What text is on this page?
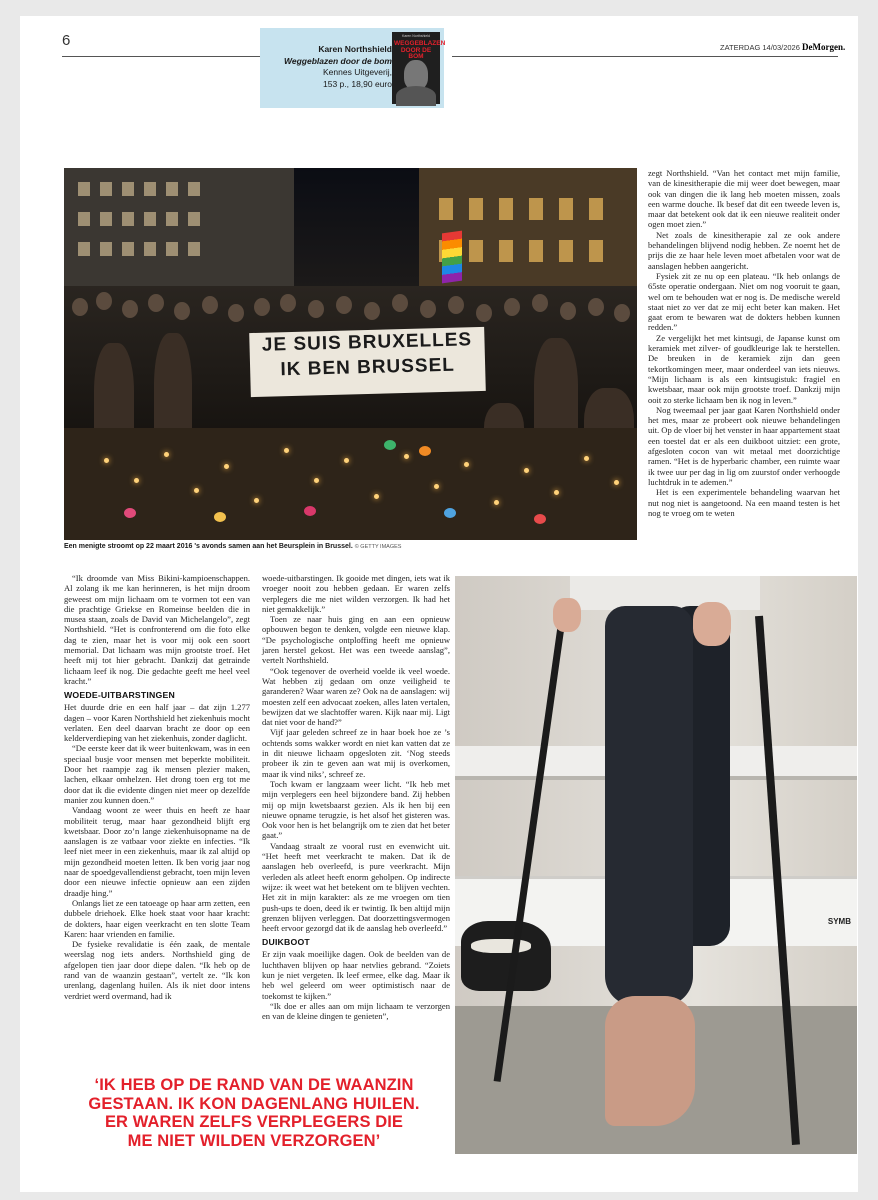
6	ZATERDAG 14/03/2026 DeMorgen.
Karen Northshield
Weggeblazen door de bom
Kennes Uitgeverij,
153 p., 18,90 euro
Karen Northshield
WEGGEBLAZEN DOOR DE BOM
JE SUIS BRUXELLES
IK BEN BRUSSEL
Een menigte stroomt op 22 maart 2016 's avonds samen aan het Beursplein in Brussel. © GETTY IMAGES

zegt Northshield. “Van het contact met mijn familie, van de kinesitherapie die mij weer doet bewegen, maar ook van dingen die ik lang heb moeten missen, zoals een warme douche. Ik besef dat dit een tweede leven is, maar dat betekent ook dat ik een nieuwe realiteit onder ogen moet zien.”

Net zoals de kinesitherapie zal ze ook andere behandelingen blijvend nodig hebben. Ze noemt het de prijs die ze haar hele leven moet afbetalen voor wat de aanslagen hebben aangericht.

Fysiek zit ze nu op een plateau. “Ik heb onlangs de 65ste operatie ondergaan. Niet om nog vooruit te gaan, wel om te behouden wat er nog is. De medische wereld staat niet zo ver dat ze mij echt beter kan maken. Het gaat erom te bewaren wat de dokters hebben kunnen redden.”

Ze vergelijkt het met kintsugi, de Japanse kunst om keramiek met zilver- of goudkleurige lak te herstellen. De breuken in de keramiek zijn dan geen tekortkomingen meer, maar onderdeel van iets nieuws. “Mijn lichaam is als een kintsugistuk: fragiel en kwetsbaar, maar ook mijn grootste troef. Dankzij mijn ooit zo sterke lichaam ben ik nog in leven.”

Nog tweemaal per jaar gaat Karen Northshield onder het mes, maar ze probeert ook nieuwe behandelingen uit. Op de vloer bij het venster in haar appartement staat een toestel dat er als een duikboot uitziet: een grote, afgesloten cocon van wit metaal met doorzichtige ramen. “Het is de hyperbaric chamber, een ruimte waar ik twee uur per dag in lig om zuurstof onder verhoogde luchtdruk in te ademen.”

Het is een experimentele behandeling waarvan het nut nog niet is aangetoond. Na een maand testen is het nog te vroeg om te weten

“Ik droomde van Miss Bikini-kampioenschappen. Al zolang ik me kan herinneren, is het mijn droom geweest om mijn lichaam om te vormen tot een van die prachtige Griekse en Romeinse beelden die in musea staan, zoals de David van Michelangelo”, zegt Northshield. “Het is confronterend om die foto elke dag te zien, maar het is voor mij ook een soort memorial. Dat lichaam was mijn grootste troef. Het heeft mij tot hier gebracht. Dankzij dat getrainde lichaam leef ik nog. Die gedachte geeft me heel veel kracht.”

WOEDE-UITBARSTINGEN

Het duurde drie en een half jaar – dat zijn 1.277 dagen – voor Karen Northshield het ziekenhuis mocht verlaten. Een deel daarvan bracht ze door op een kelderverdieping van het ziekenhuis, zonder daglicht.

“De eerste keer dat ik weer buitenkwam, was in een speciaal busje voor mensen met beperkte mobiliteit. Door het raampje zag ik mensen plezier maken, lachen, elkaar omhelzen. Het drong toen erg tot me door dat ik die evidente dingen niet meer op dezelfde manier zou kunnen doen.”

Vandaag woont ze weer thuis en heeft ze haar mobiliteit terug, maar haar gezondheid blijft erg kwetsbaar. Door zo’n lange ziekenhuisopname na de aanslagen is ze vatbaar voor ziekte en infecties. “Ik leef niet meer in een ziekenhuis, maar ik zal altijd op mijn gezondheid moeten letten. Ik ben vorig jaar nog naar de spoedgevallendienst gebracht, toen mijn leven door een nieuwe infectie opnieuw aan een zijden draadje hing.”

Onlangs liet ze een tatoeage op haar arm zetten, een dubbele driehoek. Elke hoek staat voor haar kracht: de dokters, haar eigen veerkracht en ten slotte Team Karen: haar vrienden en familie.

De fysieke revalidatie is één zaak, de mentale weerslag nog iets anders. Northshield ging de afgelopen tien jaar door diepe dalen. “Ik heb op de rand van de waanzin gestaan”, vertelt ze. “Ik kon urenlang, dagenlang huilen. Als ik niet door intens verdriet werd overmand, had ik

woede-uitbarstingen. Ik gooide met dingen, iets wat ik vroeger nooit zou hebben gedaan. Er waren zelfs verplegers die me niet wilden verzorgen. Ik had het niet gemakkelijk.”

Toen ze naar huis ging en aan een opnieuw opbouwen begon te denken, volgde een nieuwe klap. “De psychologische ontploffing heeft me opnieuw jaren herstel gekost. Het was een tweede aanslag”, vertelt Northshield.

“Ook tegenover de overheid voelde ik veel woede. Wat hebben zij gedaan om onze veiligheid te garanderen? Waar waren ze? Ook na de aanslagen: wij moesten zelf een advocaat zoeken, alles laten vertalen, bewijzen dat we slachtoffer waren. Kijk naar mij. Ligt dat niet voor de hand?”

Vijf jaar geleden schreef ze in haar boek hoe ze ’s ochtends soms wakker wordt en niet kan vatten dat ze in dit nieuwe lichaam opgesloten zit. ‘Nog steeds probeer ik zin te geven aan wat mij is overkomen, maar ik vind niks’, schreef ze.

Toch kwam er langzaam weer licht. “Ik heb met mijn verplegers een heel bijzondere band. Zij hebben mij op mijn kwetsbaarst gezien. Als ik hen bij een nieuwe opname terugzie, is het alsof het gisteren was. Ook voor hen is het belangrijk om te zien dat het beter gaat.”

Vandaag straalt ze vooral rust en evenwicht uit. “Het heeft met veerkracht te maken. Dat ik de aanslagen heb overleefd, is pure veerkracht. Mijn verleden als atleet heeft enorm geholpen. Op indirecte wijze: ik weet wat het betekent om te blijven vechten. Het zit in mijn karakter: als ze me vroegen om tien push-ups te doen, deed ik er twintig. Ik ben altijd mijn grenzen blijven verleggen. Dat doorzettingsvermogen heeft ervoor gezorgd dat ik de aanslag heb overleefd.”

DUIKBOOT

Er zijn vaak moeilijke dagen. Ook de beelden van de luchthaven blijven op haar netvlies gebrand. “Zoiets kun je niet vergeten. Ik leef ermee, elke dag. Maar ik heb wel geleerd om weer optimistisch naar de toekomst te kijken.”

“Ik doe er alles aan om mijn lichaam te verzorgen en van de kleine dingen te genieten”,

SYMB
‘IK HEB OP DE RAND VAN DE WAANZIN
GESTAAN. IK KON DAGENLANG HUILEN.
ER WAREN ZELFS VERPLEGERS DIE
ME NIET WILDEN VERZORGEN’
